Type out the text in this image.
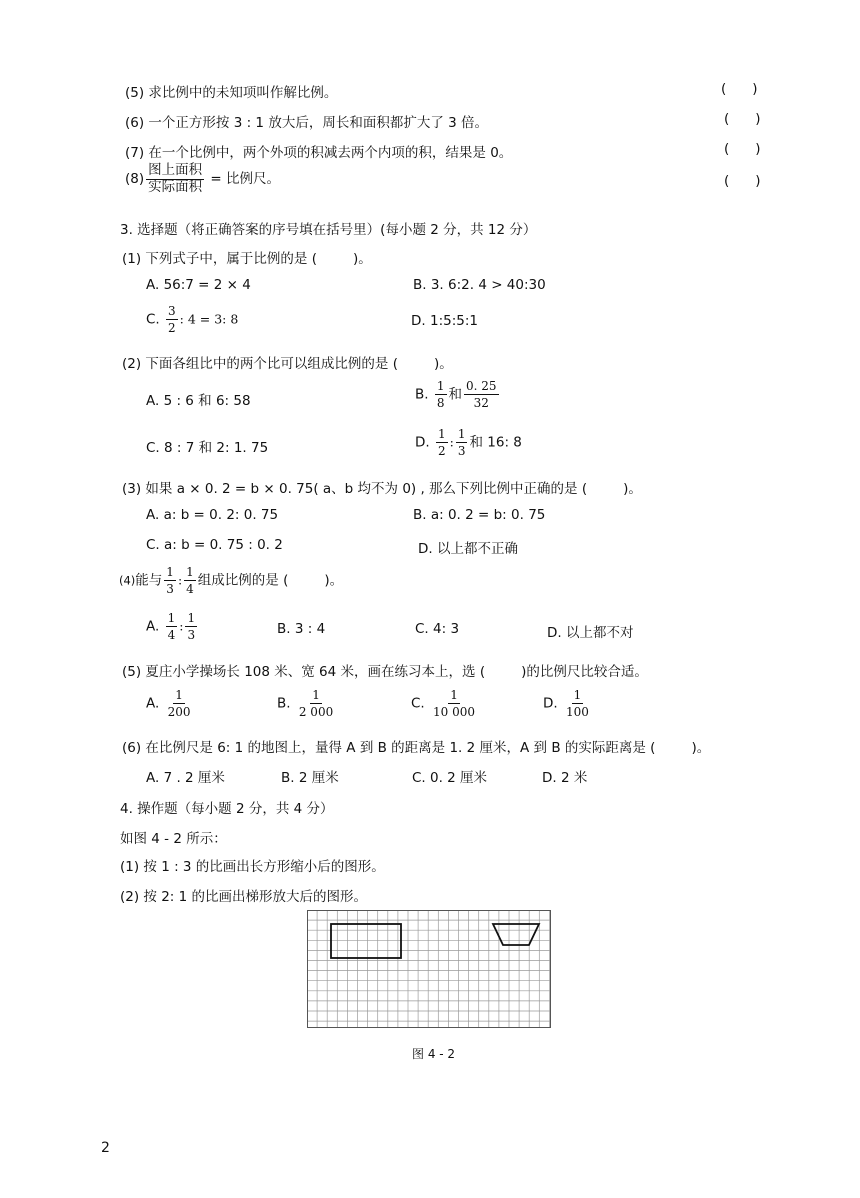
(5) 求比例中的未知项叫作解比例。	( )
(6) 一个正方形按 3 : 1 放大后，周长和面积都扩大了 3 倍。	( )
(7) 在一个比例中，两个外项的积减去两个内项的积，结果是 0。	( )
$(8) \frac{\text{图上面积}}{\text{实际面积}}$ = 比例尺。	( )
3. 选择题（将正确答案的序号填在括号里）(每小题 2 分，共 12 分）
(1) 下列式子中，属于比例的是 (	)。
A. 56:7 = 2 × 4	B. 3. 6:2. 4 > 40:30
C. $\frac{3}{2}$ : 4 = 3: 8	D. 1:5:5:1
(2) 下面各组比中的两个比可以组成比例的是 (	)。
A. 5 : 6 和 6: 58	B. $\frac{1}{8}$ 和 $\frac{0. 25}{32}$
C. 8 : 7 和 2: 1. 75	D. $\frac{1}{2}$ : $\frac{1}{3}$ 和 16: 8
(3) 如果 a × 0. 2 = b × 0. 75( a、b 均不为 0) , 那么下列比例中正确的是 (	)。
A. a: b = 0. 2: 0. 75	B. a: 0. 2 = b: 0. 75
C. a: b = 0. 75 : 0. 2	D. 以上都不正确
(4)能与 $\frac{1}{3}$ : $\frac{1}{4}$ 组成比例的是 (	)。
A. $\frac{1}{4}$ : $\frac{1}{3}$	B. 3 : 4	C. 4: 3	D. 以上都不对
(5) 夏庄小学操场长 108 米、宽 64 米，画在练习本上，选 (	)的比例尺比较合适。
A. $\frac{1}{200}$	B. $\frac{1}{2 000}$	C. $\frac{1}{10 000}$	D. $\frac{1}{100}$
(6) 在比例尺是 6: 1 的地图上，量得 A 到 B 的距离是 1. 2 厘米，A 到 B 的实际距离是 (	)。
A. 7 . 2 厘米	B. 2 厘米	C. 0. 2 厘米	D. 2 米
4. 操作题（每小题 2 分，共 4 分）
如图 4 - 2 所示：
(1) 按 1 : 3 的比画出长方形缩小后的图形。
(2) 按 2: 1 的比画出梯形放大后的图形。
图 4 - 2
2
